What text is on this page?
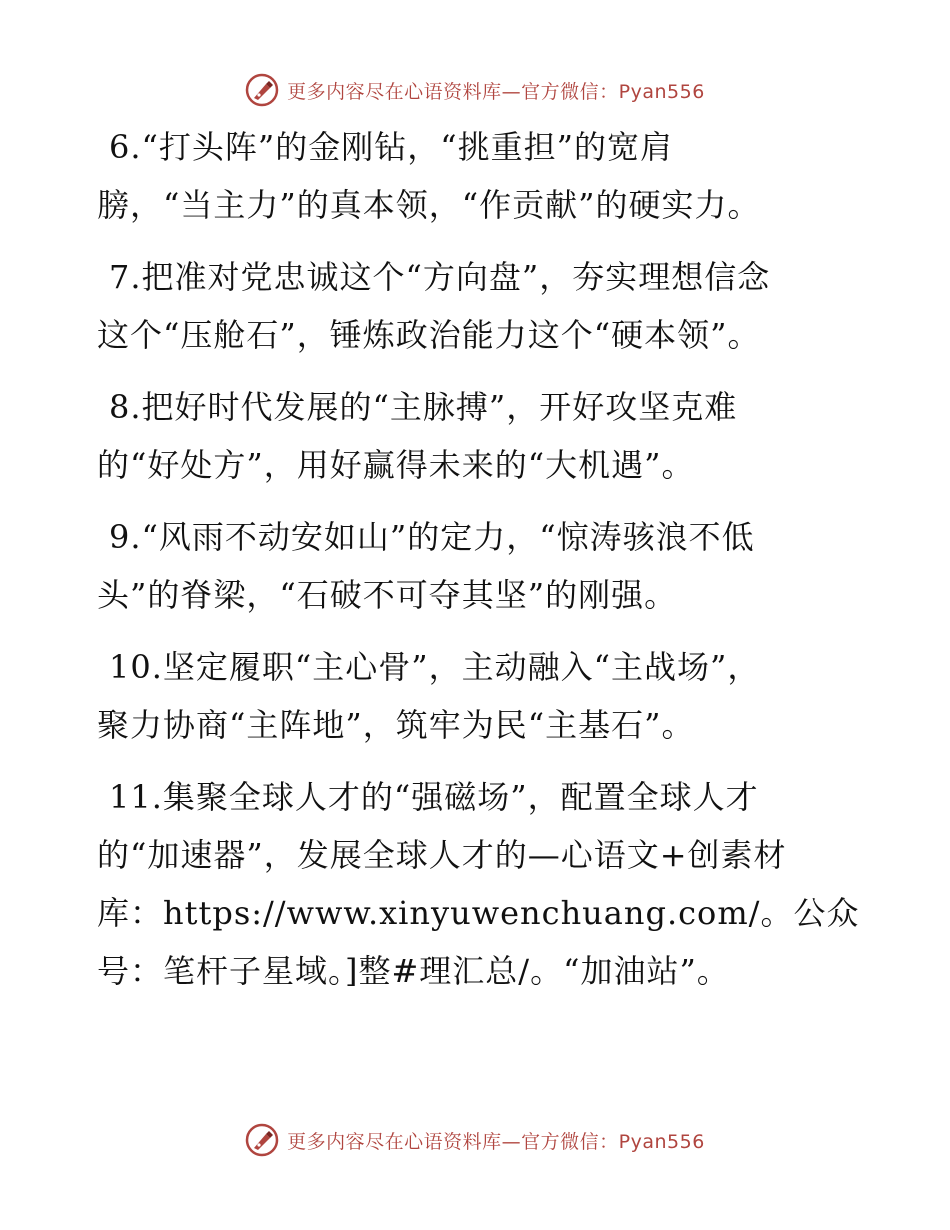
更多内容尽在心语资料库—官方微信：Pyan556
6.“打头阵”的金刚钻，“挑重担”的宽肩
膀，“当主力”的真本领，“作贡献”的硬实力。
7.把准对党忠诚这个“方向盘”，夯实理想信念
这个“压舱石”，锤炼政治能力这个“硬本领”。
8.把好时代发展的“主脉搏”，开好攻坚克难
的“好处方”，用好赢得未来的“大机遇”。
9.“风雨不动安如山”的定力，“惊涛骇浪不低
头”的脊梁，“石破不可夺其坚”的刚强。
10.坚定履职“主心骨”，主动融入“主战场”，
聚力协商“主阵地”，筑牢为民“主基石”。
11.集聚全球人才的“强磁场”，配置全球人才
的“加速器”，发展全球人才的—心语文+创素材
库：https://www.xinyuwenchuang.com/。公众
号：笔杆子星域。]整#理汇总/。“加油站”。
更多内容尽在心语资料库—官方微信：Pyan556
